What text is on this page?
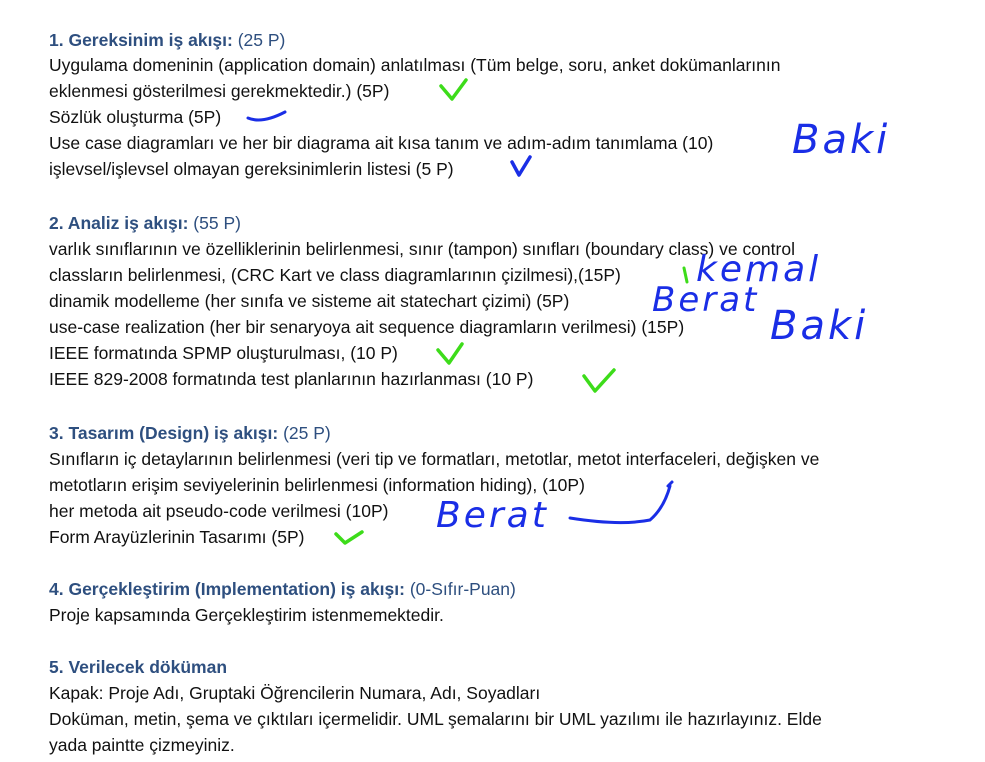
1. Gereksinim iş akışı: (25 P)
Uygulama domeninin (application domain) anlatılması (Tüm belge, soru, anket dokümanlarının
eklenmesi gösterilmesi gerekmektedir.) (5P)
Sözlük oluşturma (5P)
Use case diagramları ve her bir diagrama ait kısa tanım ve adım-adım tanımlama (10)
işlevsel/işlevsel olmayan gereksinimlerin listesi (5 P)
2. Analiz iş akışı: (55 P)
varlık sınıflarının ve özelliklerinin belirlenmesi, sınır (tampon) sınıfları (boundary class) ve control
classların belirlenmesi, (CRC Kart ve class diagramlarının çizilmesi),(15P)
dinamik modelleme (her sınıfa ve sisteme ait statechart çizimi) (5P)
use-case realization (her bir senaryoya ait sequence diagramların verilmesi) (15P)
IEEE formatında SPMP oluşturulması, (10 P)
IEEE 829-2008 formatında test planlarının hazırlanması (10 P)
3. Tasarım (Design) iş akışı: (25 P)
Sınıfların iç detaylarının belirlenmesi (veri tip ve formatları, metotlar, metot interfaceleri, değişken ve
metotların erişim seviyelerinin belirlenmesi (information hiding), (10P)
her metoda ait pseudo-code verilmesi (10P)
Form Arayüzlerinin Tasarımı (5P)
4. Gerçekleştirim (Implementation) iş akışı: (0-Sıfır-Puan)
Proje kapsamında Gerçekleştirim istenmemektedir.
5. Verilecek döküman
Kapak: Proje Adı, Gruptaki Öğrencilerin Numara, Adı, Soyadları
Doküman, metin, şema ve çıktıları içermelidir. UML şemalarını bir UML yazılımı ile hazırlayınız. Elde
yada paintte çizmeyiniz.
Baki
kemal
Berat
Baki
Berat
